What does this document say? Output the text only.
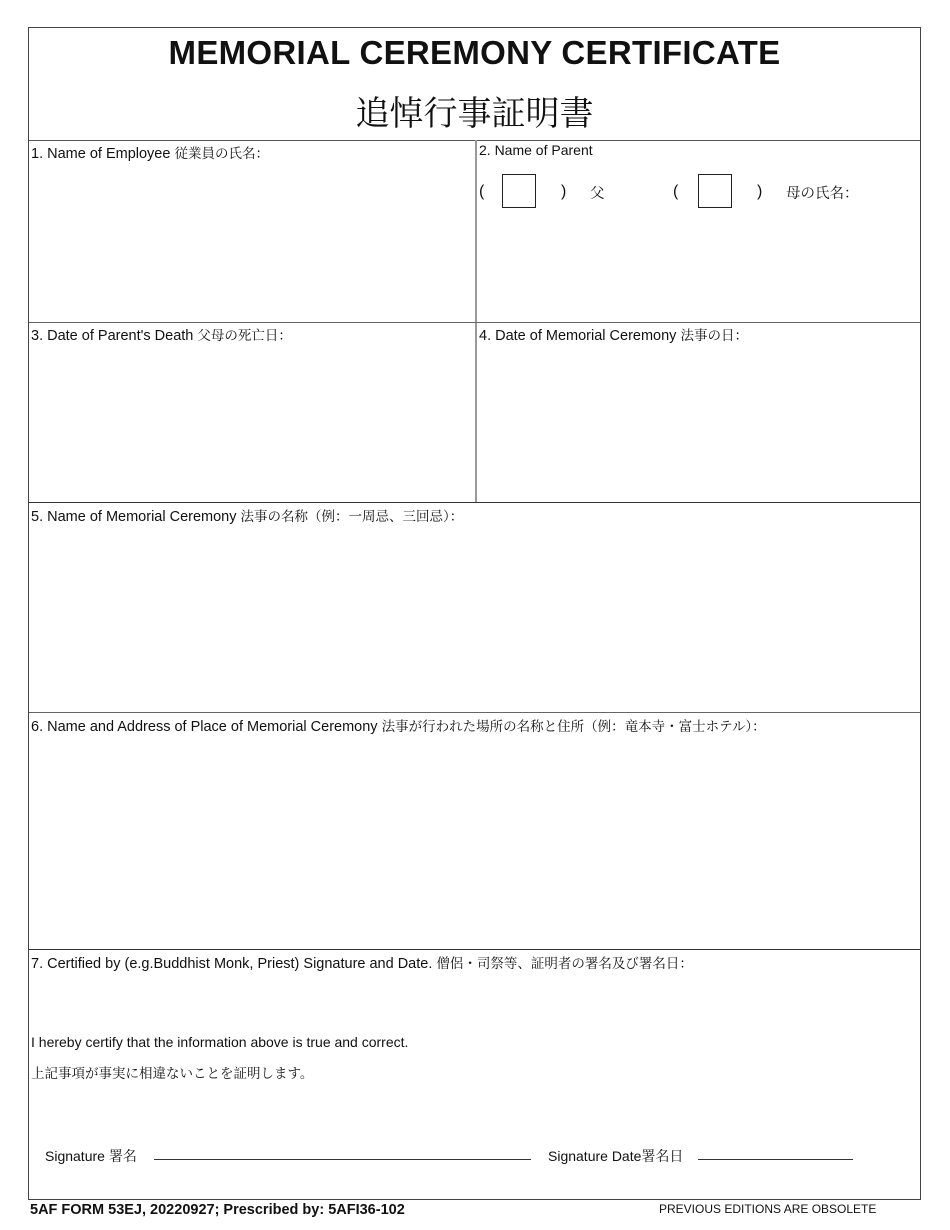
MEMORIAL CEREMONY CERTIFICATE
追悼行事証明書
1. Name of Employee 従業員の氏名：	2. Name of Parent
(	) 父	(	) 母の氏名：
3. Date of Parent's Death 父母の死亡日：	4. Date of Memorial Ceremony 法事の日：
5. Name of Memorial Ceremony 法事の名称（例：一周忌、三回忌）：
6. Name and Address of Place of Memorial Ceremony 法事が行われた場所の名称と住所（例：竜本寺・富士ホテル）：
7. Certified by (e.g.Buddhist Monk, Priest) Signature and Date. 僧侶・司祭等、証明者の署名及び署名日：
I hereby certify that the information above is true and correct.
上記事項が事実に相違ないことを証明します。
Signature 署名	Signature Date署名日
5AF FORM 53EJ, 20220927; Prescribed by: 5AFI36-102	PREVIOUS EDITIONS ARE OBSOLETE
